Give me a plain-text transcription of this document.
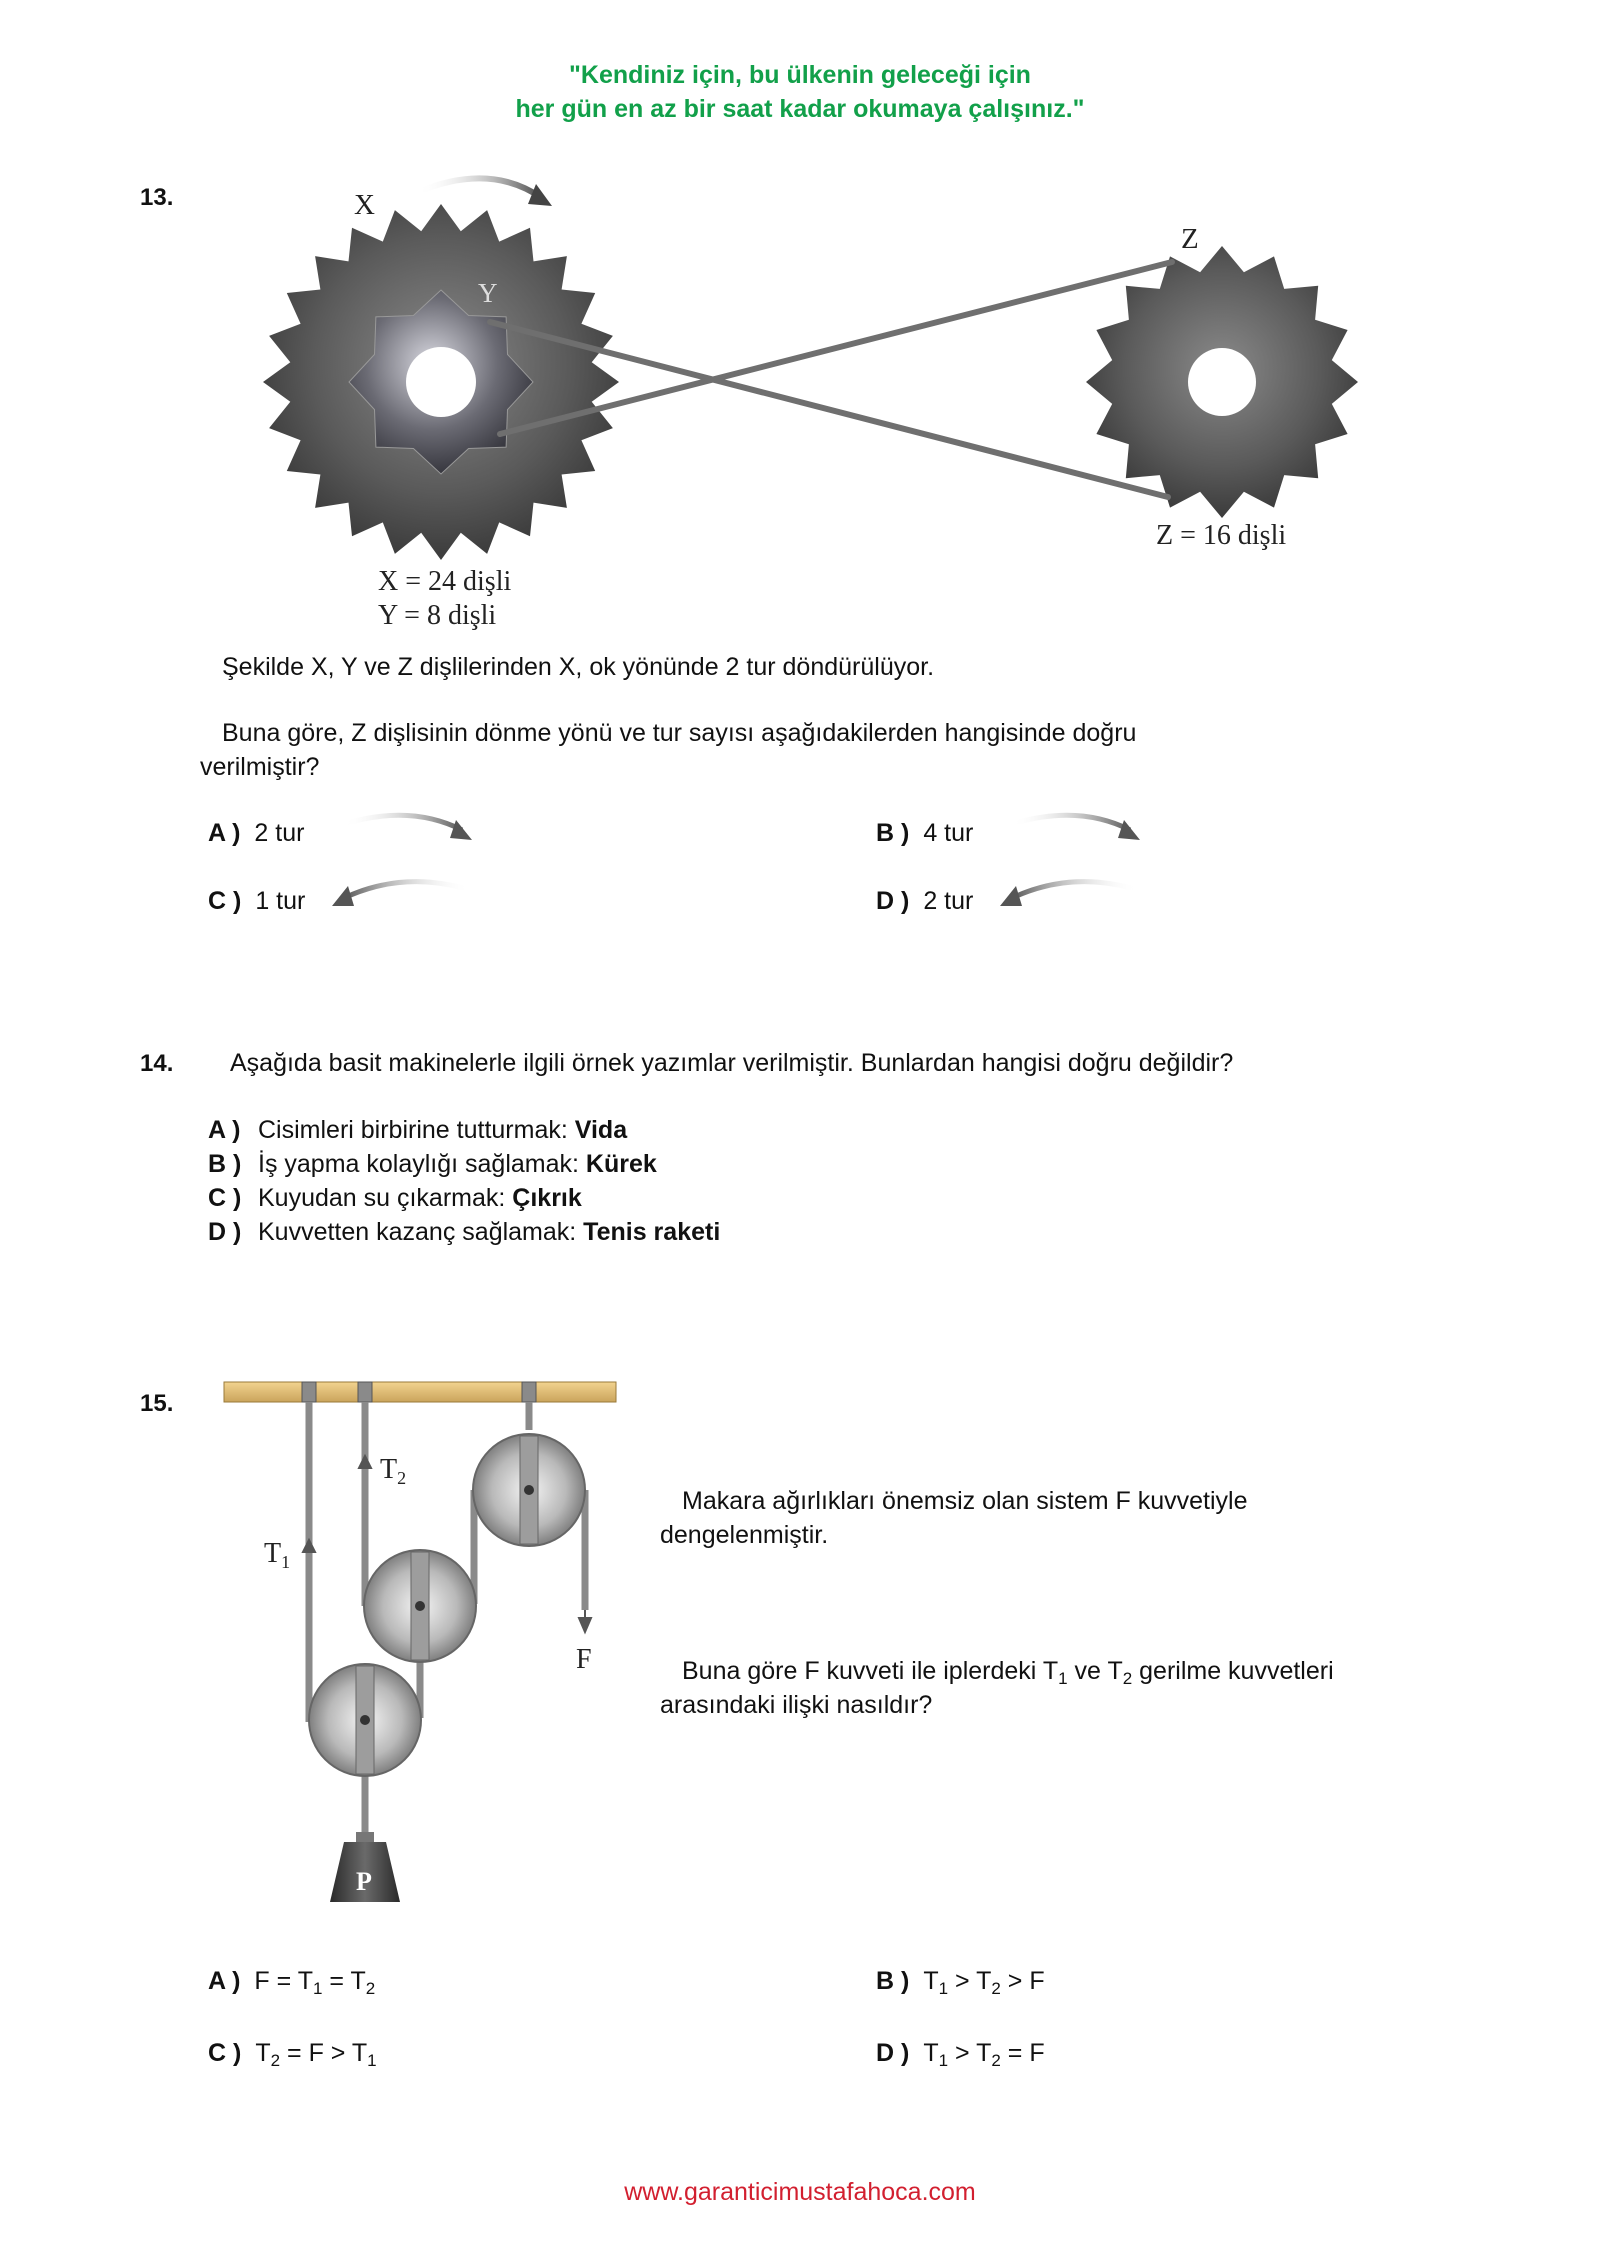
"Kendiniz için, bu ülkenin geleceği için
her gün en az bir saat kadar okumaya çalışınız."
13.	X
Y
Z
Z = 16 dişli
X = 24 dişli
Y = 8 dişli
Şekilde X, Y ve Z dişlilerinden X, ok yönünde 2 tur döndürülüyor.
Buna göre, Z dişlisinin dönme yönü ve tur sayısı aşağıdakilerden hangisinde doğru
verilmiştir?
A ) 2 tur	B ) 4 tur
C ) 1 tur	D ) 2 tur
14. Aşağıda basit makinelerle ilgili örnek yazımlar verilmiştir. Bunlardan hangisi doğru değildir?
A ) Cisimleri birbirine tutturmak: Vida
B ) İş yapma kolaylığı sağlamak: Kürek
C ) Kuyudan su çıkarmak: Çıkrık
D ) Kuvvetten kazanç sağlamak: Tenis raketi
15.
$T_1$
$T_2$
F
P
Makara ağırlıkları önemsiz olan sistem F kuvvetiyle
dengelenmiştir.
Buna göre F kuvveti ile iplerdeki $T_1$ ve $T_2$ gerilme kuvvetleri
arasındaki ilişki nasıldır?
A ) $F = T_1 = T_2$	B ) $T_1 > T_2 > F$
C ) $T_2 = F > T_1$	D ) $T_1 > T_2 = F$
www.garanticimustafahoca.com
